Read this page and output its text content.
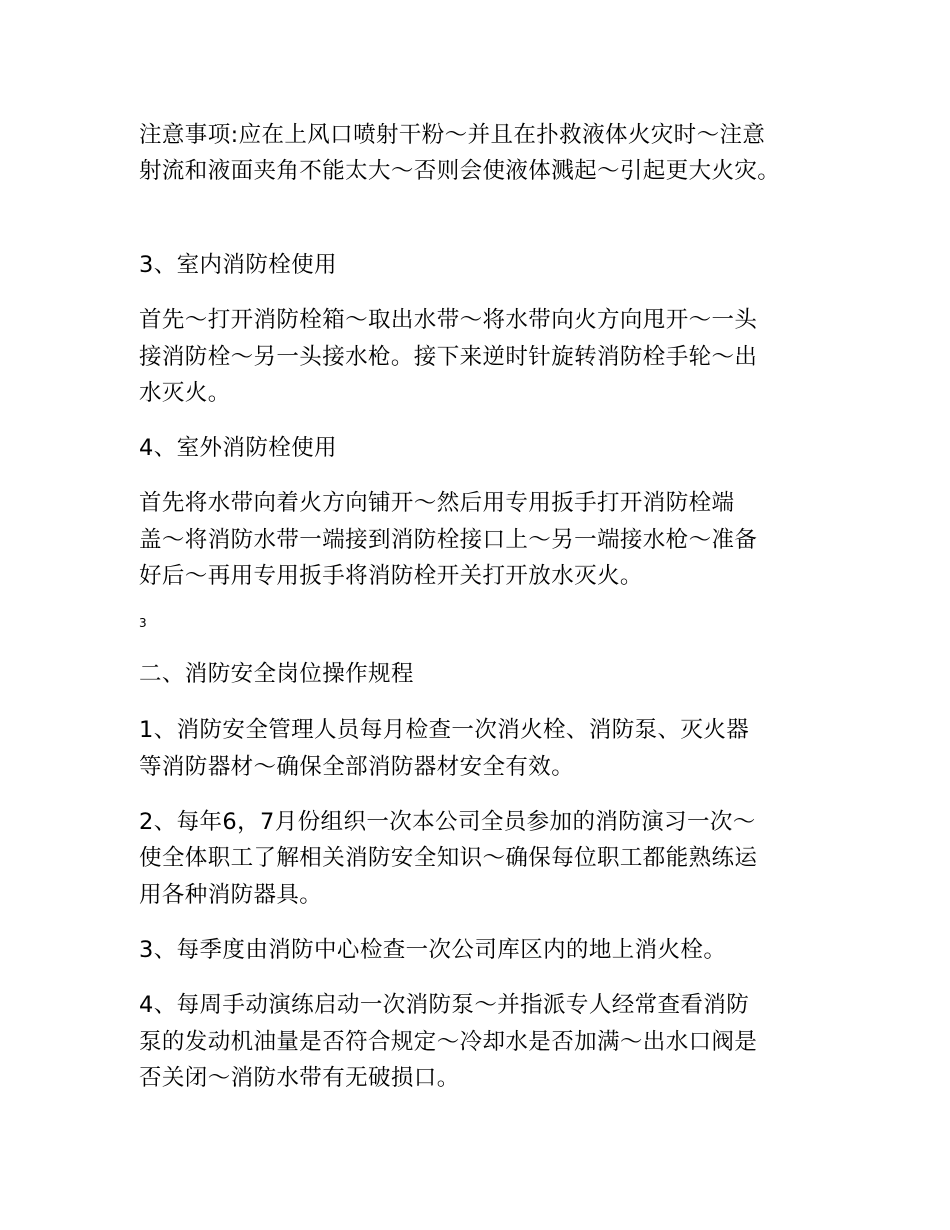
注意事项:应在上风口喷射干粉～并且在扑救液体火灾时～注意
射流和液面夹角不能太大～否则会使液体溅起～引起更大火灾。
3、室内消防栓使用
首先～打开消防栓箱～取出水带～将水带向火方向甩开～一头
接消防栓～另一头接水枪。接下来逆时针旋转消防栓手轮～出
水灭火。
4、室外消防栓使用
首先将水带向着火方向铺开～然后用专用扳手打开消防栓端
盖～将消防水带一端接到消防栓接口上～另一端接水枪～准备
好后～再用专用扳手将消防栓开关打开放水灭火。
3
二、消防安全岗位操作规程
1、消防安全管理人员每月检查一次消火栓、消防泵、灭火器
等消防器材～确保全部消防器材安全有效。
2、每年6，7月份组织一次本公司全员参加的消防演习一次～
使全体职工了解相关消防安全知识～确保每位职工都能熟练运
用各种消防器具。
3、每季度由消防中心检查一次公司库区内的地上消火栓。
4、每周手动演练启动一次消防泵～并指派专人经常查看消防
泵的发动机油量是否符合规定～冷却水是否加满～出水口阀是
否关闭～消防水带有无破损口。
